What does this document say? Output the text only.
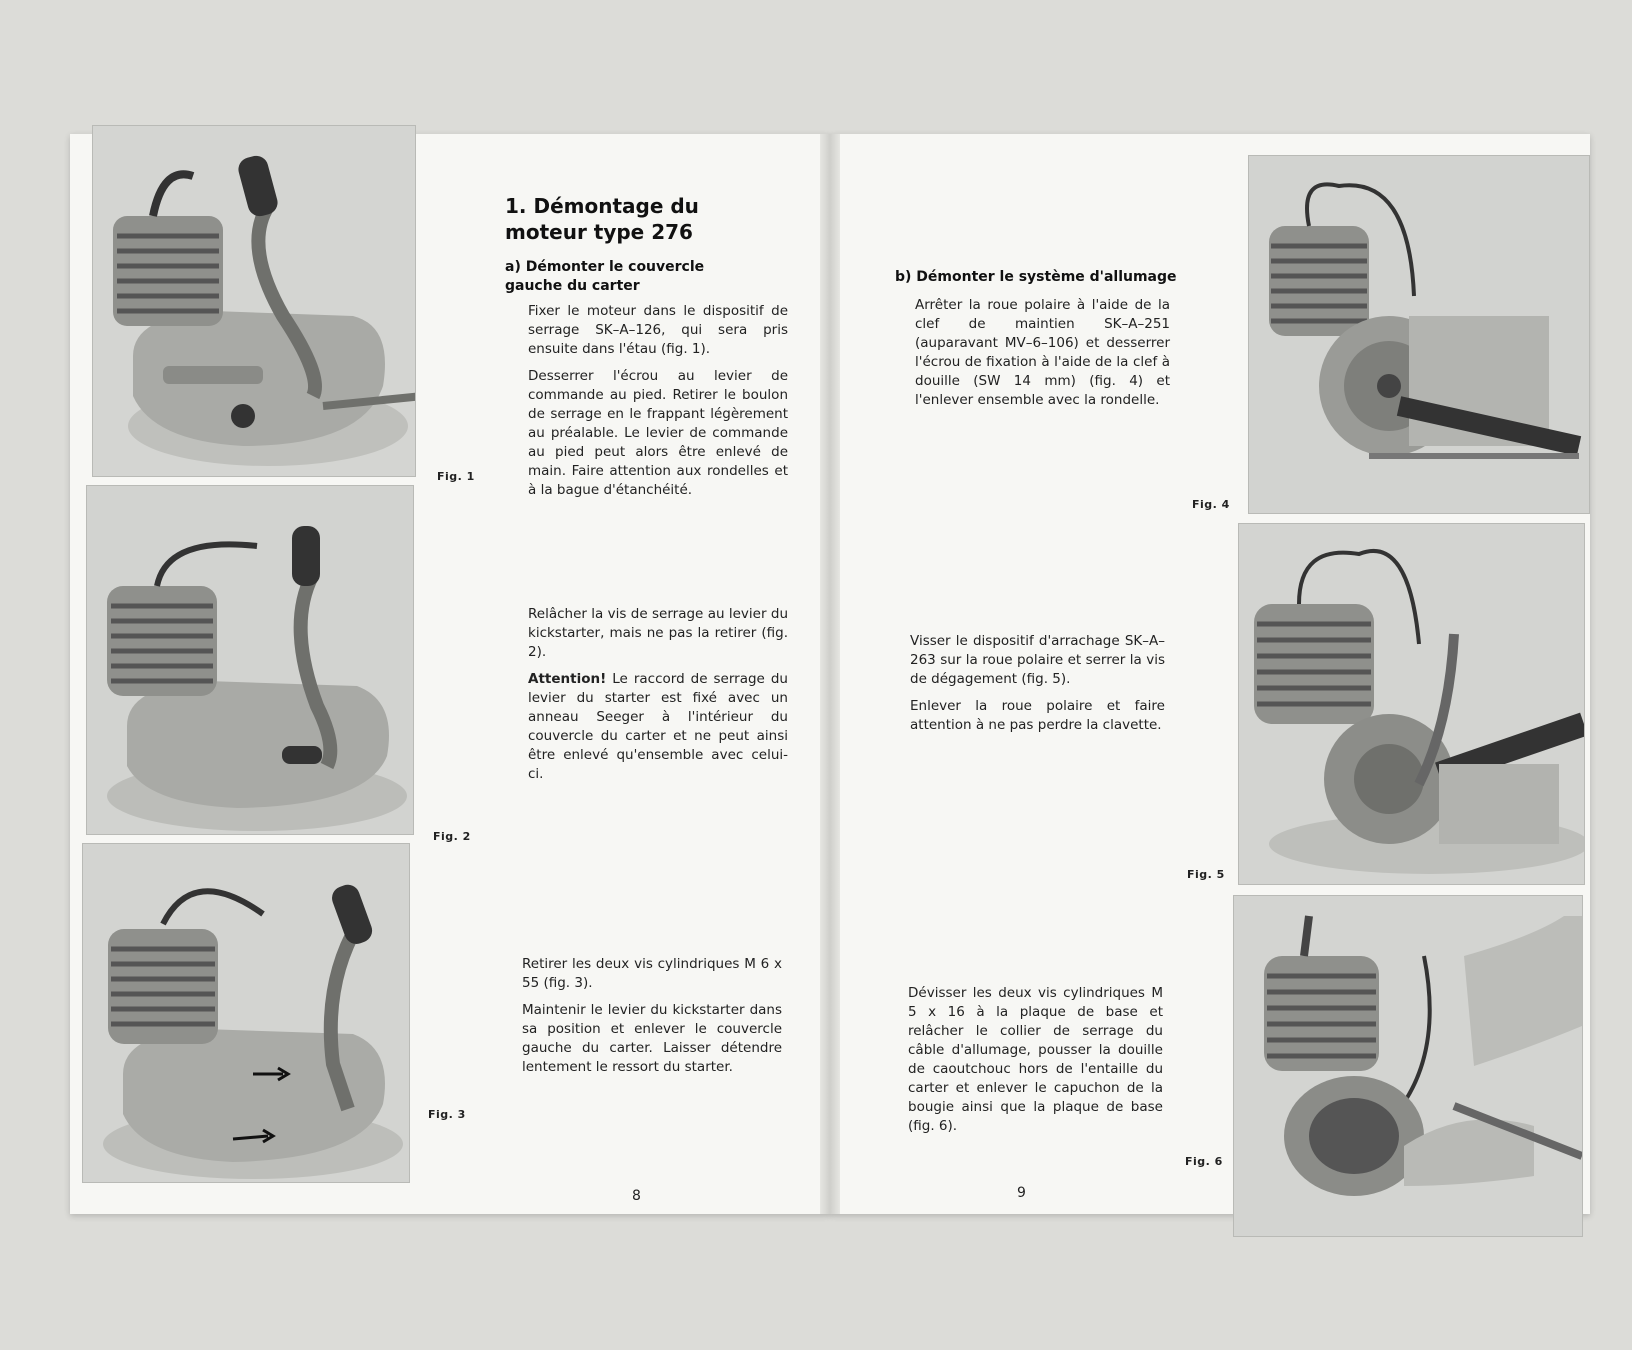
Fig. 1
Fig. 2
Fig. 3
1. Démontage du moteur type 276
a) Démonter le couvercle gauche du carter

Fixer le moteur dans le dispositif de serrage SK–A–126, qui sera pris ensuite dans l'étau (fig. 1).

Desserrer l'écrou au levier de commande au pied. Retirer le boulon de serrage en le frappant légèrement au préalable. Le levier de commande au pied peut alors être enlevé de main. Faire attention aux rondelles et à la bague d'étanchéité.

Relâcher la vis de serrage au levier du kickstarter, mais ne pas la retirer (fig. 2).

Attention! Le raccord de serrage du levier du starter est fixé avec un anneau Seeger à l'intérieur du couvercle du carter et ne peut ainsi être enlevé qu'ensemble avec celui-ci.

Retirer les deux vis cylindriques M 6 x 55 (fig. 3).

Maintenir le levier du kickstarter dans sa position et enlever le couvercle gauche du carter. Laisser détendre lentement le ressort du starter.

8
b) Démonter le système d'allumage

Arrêter la roue polaire à l'aide de la clef de maintien SK–A–251 (auparavant MV–6–106) et desserrer l'écrou de fixation à l'aide de la clef à douille (SW 14 mm) (fig. 4) et l'enlever ensemble avec la rondelle.

Visser le dispositif d'arrachage SK–A–263 sur la roue polaire et serrer la vis de dégagement (fig. 5).

Enlever la roue polaire et faire attention à ne pas perdre la clavette.

Dévisser les deux vis cylindriques M 5 x 16 à la plaque de base et relâcher le collier de serrage du câble d'allumage, pousser la douille de caoutchouc hors de l'entaille du carter et enlever le capuchon de la bougie ainsi que la plaque de base (fig. 6).

9
Fig. 4
Fig. 5
Fig. 6
